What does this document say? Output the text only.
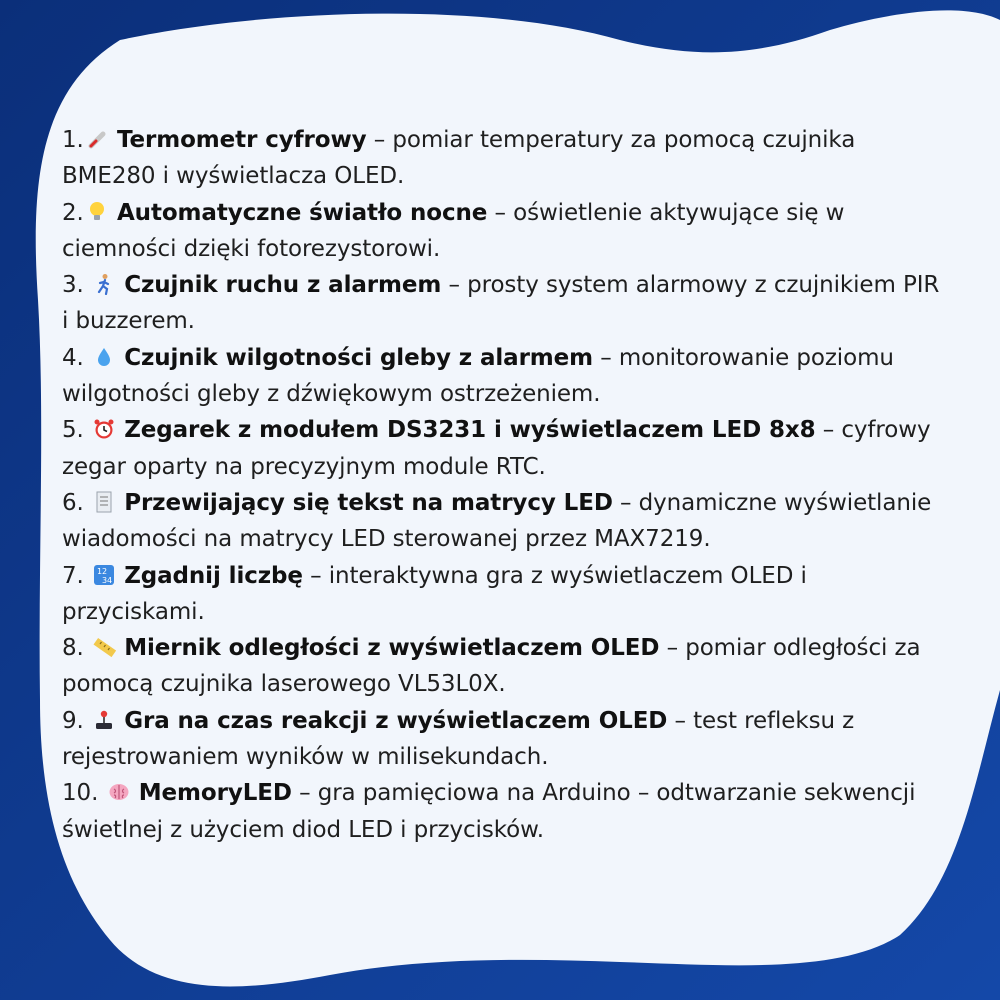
1. Termometr cyfrowy – pomiar temperatury za pomocą czujnika BME280 i wyświetlacza OLED.

2. Automatyczne światło nocne – oświetlenie aktywujące się w ciemności dzięki fotorezystorowi.

3.  Czujnik ruchu z alarmem – prosty system alarmowy z czujnikiem PIR i buzzerem.

4.  Czujnik wilgotności gleby z alarmem – monitorowanie poziomu wilgotności gleby z dźwiękowym ostrzeżeniem.

5.  Zegarek z modułem DS3231 i wyświetlaczem LED 8x8 – cyfrowy zegar oparty na precyzyjnym module RTC.

6.  Przewijający się tekst na matrycy LED – dynamiczne wyświetlanie wiadomości na matrycy LED sterowanej przez MAX7219.

7. 12
34 Zgadnij liczbę – interaktywna gra z wyświetlaczem OLED i przyciskami.

8.  Miernik odległości z wyświetlaczem OLED – pomiar odległości za pomocą czujnika laserowego VL53L0X.

9.  Gra na czas reakcji z wyświetlaczem OLED – test refleksu z rejestrowaniem wyników w milisekundach.

10.  MemoryLED – gra pamięciowa na Arduino – odtwarzanie sekwencji świetlnej z użyciem diod LED i przycisków.
